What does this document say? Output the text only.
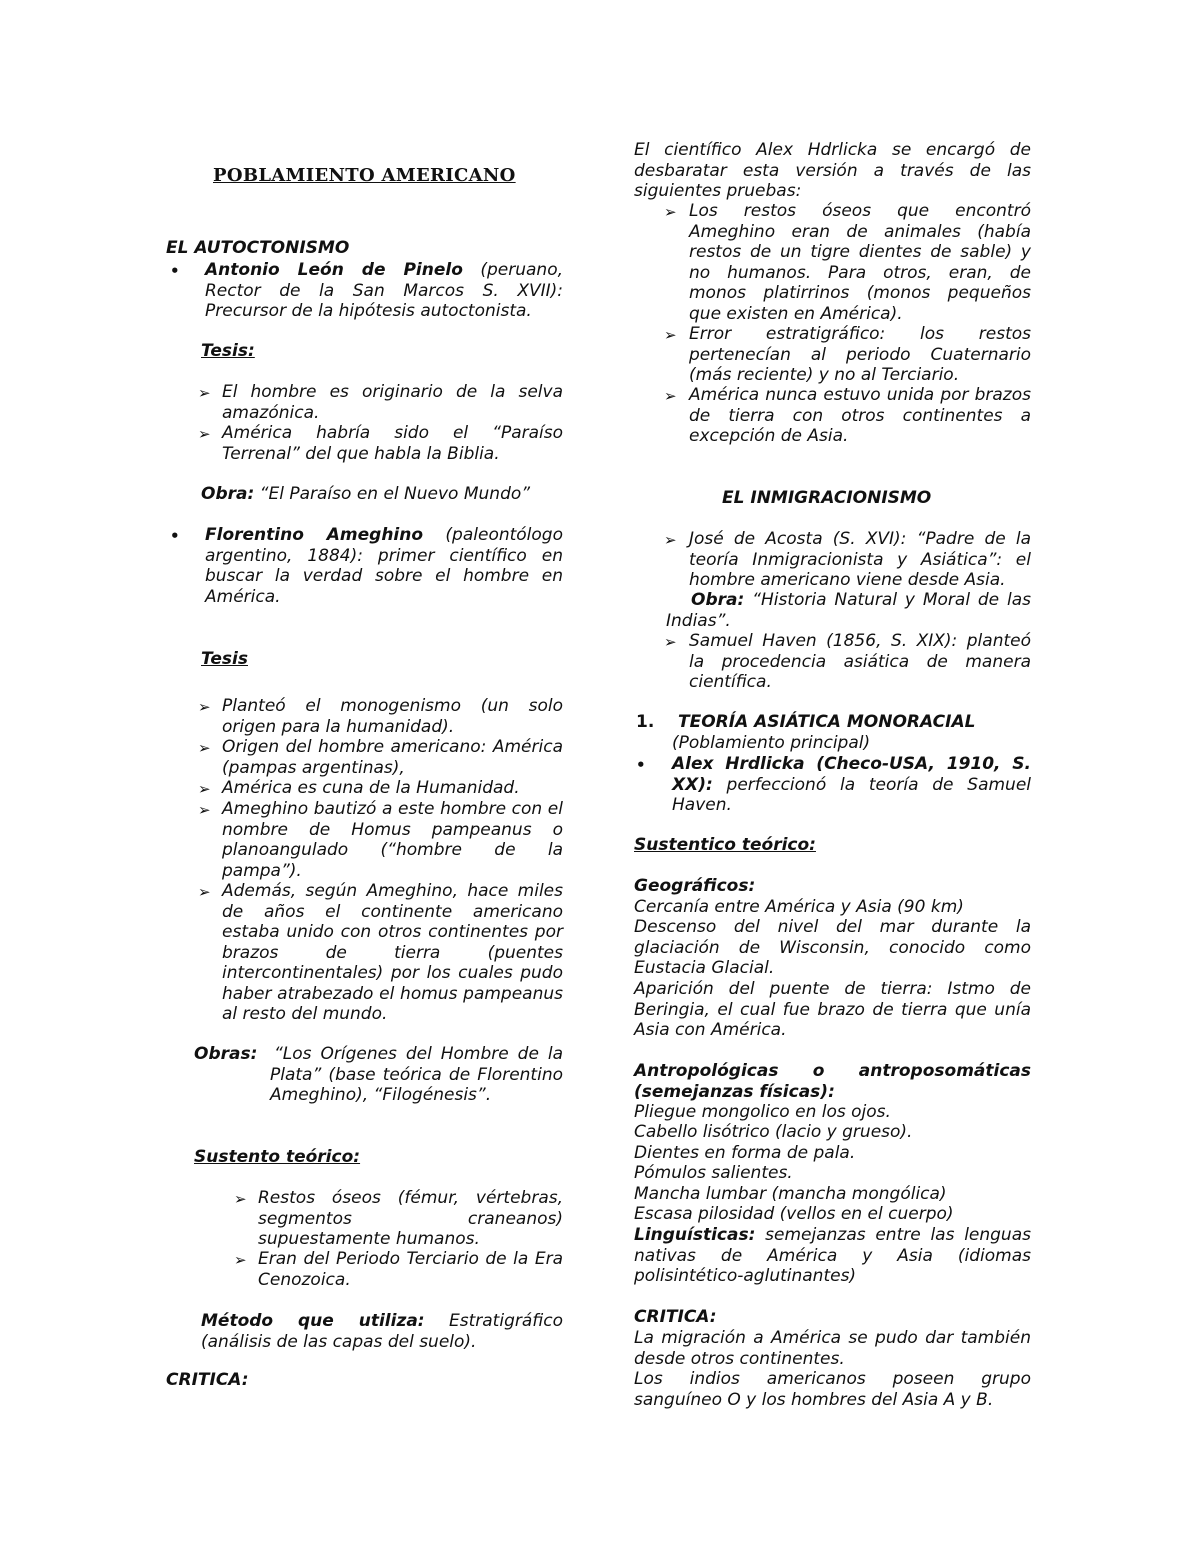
POBLAMIENTO AMERICANO
EL AUTOCTONISMO
• Antonio León de Pinelo (peruano, Rector de la San Marcos S. XVII): Precursor de la hipótesis autoctonista.

Tesis:
➢ El hombre es originario de la selva amazónica.

➢ América habría sido el “Paraíso Terrenal” del que habla la Biblia.

Obra: “El Paraíso en el Nuevo Mundo”

• Florentino Ameghino (paleontólogo argentino, 1884): primer científico en buscar la verdad sobre el hombre en América.

Tesis
➢ Planteó el monogenismo (un solo origen para la humanidad).

➢ Origen del hombre americano: América (pampas argentinas),

➢ América es cuna de la Humanidad.

➢ Ameghino bautizó a este hombre con el nombre de Homus pampeanus o planoangulado (“hombre de la pampa”).

➢ Además, según Ameghino, hace miles de años el continente americano estaba unido con otros continentes por brazos de tierra (puentes intercontinentales) por los cuales pudo haber atrabezado el homus pampeanus al resto del mundo.

Obras: “Los Orígenes del Hombre de la Plata” (base teórica de Florentino Ameghino), “Filogénesis”.

Sustento teórico:
➢ Restos óseos (fémur, vértebras, segmentos craneanos) supuestamente humanos.

➢ Eran del Periodo Terciario de la Era Cenozoica.

Método que utiliza: Estratigráfico (análisis de las capas del suelo).

CRITICA:

El científico Alex Hdrlicka se encargó de desbaratar esta versión a través de las siguientes pruebas:

➢ Los restos óseos que encontró Ameghino eran de animales (había restos de un tigre dientes de sable) y no humanos. Para otros, eran, de monos platirrinos (monos pequeños que existen en América).

➢ Error estratigráfico: los restos pertenecían al periodo Cuaternario (más reciente) y no al Terciario.

➢ América nunca estuvo unida por brazos de tierra con otros continentes a excepción de Asia.

EL INMIGRACIONISMO
➢ José de Acosta (S. XVI): “Padre de la teoría Inmigracionista y Asiática”: el hombre americano viene desde Asia.

Obra: “Historia Natural y Moral de las Indias”.

➢ Samuel Haven (1856, S. XIX): planteó la procedencia asiática de manera científica.

1. TEORÍA ASIÁTICA MONORACIAL

(Poblamiento principal)

• Alex Hrdlicka (Checo-USA, 1910, S. XX): perfeccionó la teoría de Samuel Haven.

Sustentico teórico:
Geográficos:

Cercanía entre América y Asia (90 km)

Descenso del nivel del mar durante la glaciación de Wisconsin, conocido como Eustacia Glacial.

Aparición del puente de tierra: Istmo de Beringia, el cual fue brazo de tierra que unía Asia con América.

Antropológicas o antroposomáticas (semejanzas físicas):

Pliegue mongolico en los ojos.

Cabello lisótrico (lacio y grueso).

Dientes en forma de pala.

Pómulos salientes.

Mancha lumbar (mancha mongólica)

Escasa pilosidad (vellos en el cuerpo)

Linguísticas: semejanzas entre las lenguas nativas de América y Asia (idiomas polisintético-aglutinantes)

CRITICA:

La migración a América se pudo dar también desde otros continentes.

Los indios americanos poseen grupo sanguíneo O y los hombres del Asia A y B.
